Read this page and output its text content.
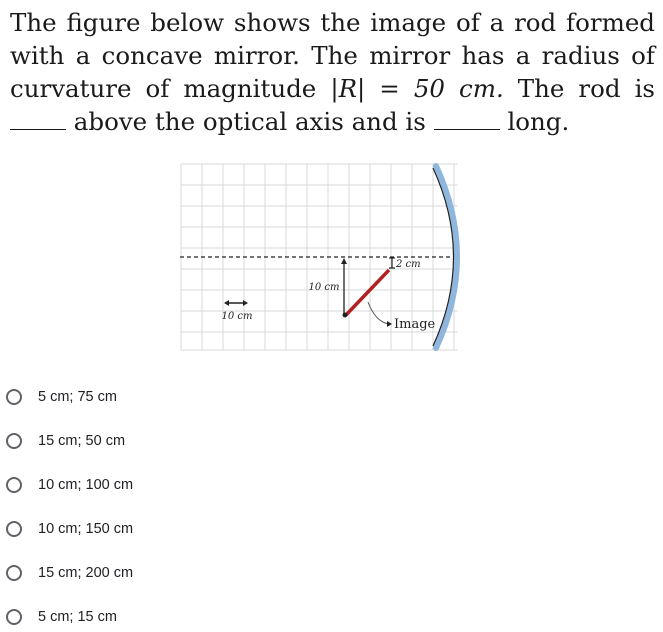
The figure below shows the image of a rod formed with a concave mirror. The mirror has a radius of curvature of magnitude |R| = 50 cm. The rod is  above the optical axis and is	long.
10 cm
10 cm
2 cm
Image
5 cm; 75 cm
15 cm; 50 cm
10 cm; 100 cm
10 cm; 150 cm
15 cm; 200 cm
5 cm; 15 cm
